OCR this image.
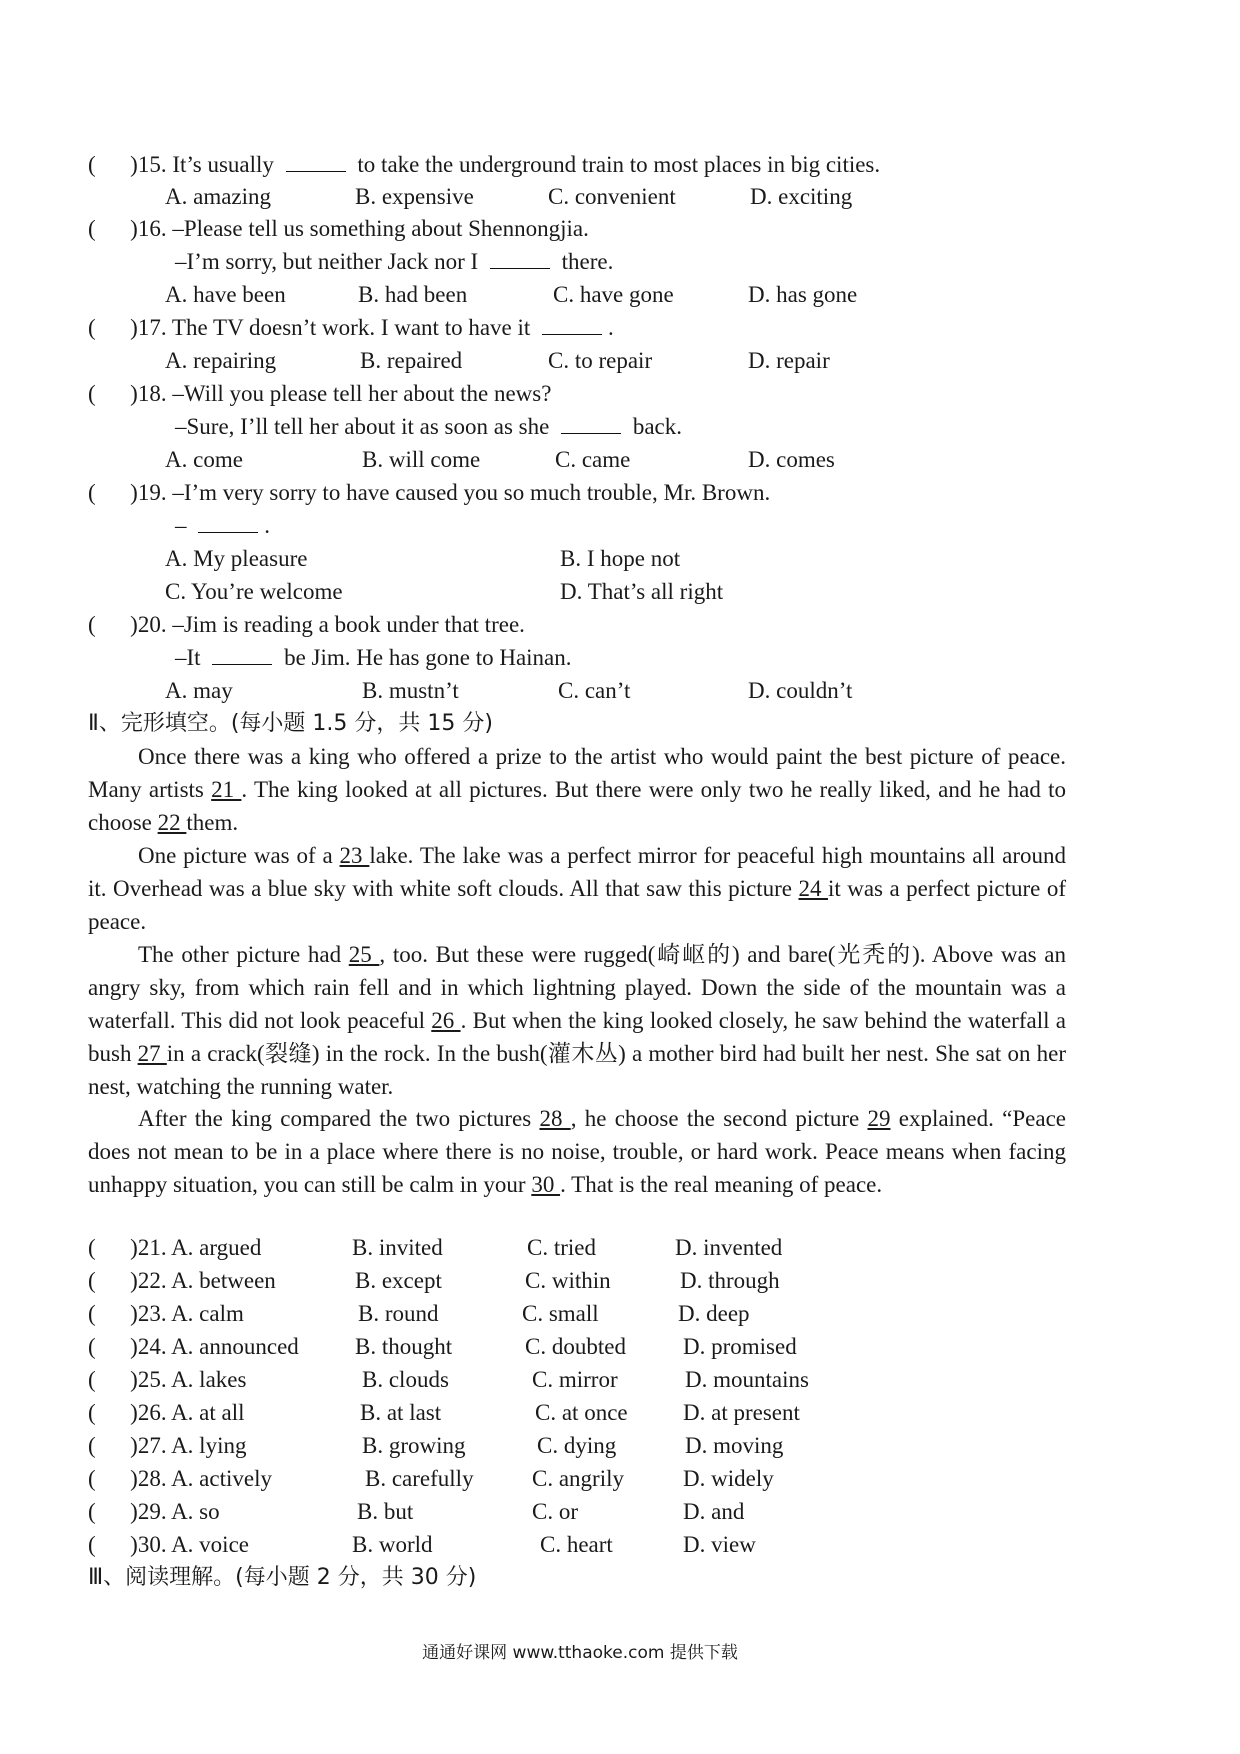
(      )15. It’s usually	to take the underground train to most places in big cities.
A. amazing	B. expensive	C. convenient	D. exciting
(      )16. –Please tell us something about Shennongjia.
–I’m sorry, but neither Jack nor I	there.
A. have been	B. had been	C. have gone	D. has gone
(      )17. The TV doesn’t work. I want to have it	.
A. repairing	B. repaired	C. to repair	D. repair
(      )18. –Will you please tell her about the news?
–Sure, I’ll tell her about it as soon as she	back.
A. come	B. will come	C. came	D. comes
(      )19. –I’m very sorry to have caused you so much trouble, Mr. Brown.
–	.
A. My pleasure	B. I hope not
C. You’re welcome	D. That’s all right
(      )20. –Jim is reading a book under that tree.
–It	be Jim. He has gone to Hainan.
A. may	B. mustn’t	C. can’t	D. couldn’t
Ⅱ、完形填空。(每小题 1.5 分，共 15 分)
Once there was a king who offered a prize to the artist who would paint the best picture of peace. Many artists 21 . The king looked at all pictures. But there were only two he really liked, and he had to choose 22 them.
One picture was of a 23 lake. The lake was a perfect mirror for peaceful high mountains all around it. Overhead was a blue sky with white soft clouds. All that saw this picture 24 it was a perfect picture of peace.
The other picture had 25 , too. But these were rugged(崎岖的) and bare(光秃的). Above was an angry sky, from which rain fell and in which lightning played. Down the side of the mountain was a waterfall. This did not look peaceful 26 . But when the king looked closely, he saw behind the waterfall a bush 27 in a crack(裂缝) in the rock. In the bush(灌木丛) a mother bird had built her nest. She sat on her nest, watching the running water.
After the king compared the two pictures 28 , he choose the second picture 29 explained. “Peace does not mean to be in a place where there is no noise, trouble, or hard work. Peace means when facing unhappy situation, you can still be calm in your 30 . That is the real meaning of peace.
(      )21. A. argued	B. invited	C. tried	D. invented
(      )22. A. between	B. except	C. within	D. through
(      )23. A. calm	B. round	C. small	D. deep
(      )24. A. announced B. thought	C. doubted D. promised
(      )25. A. lakes	B. clouds	C. mirror	D. mountains
(      )26. A. at all	B. at last	C. at once D. at present
(      )27. A. lying	B. growing	C. dying	D. moving
(      )28. A. actively	B. carefully	C. angrily	D. widely
(      )29. A. so	B. but	C. or	D. and
(      )30. A. voice	B. world	C. heart	D. view
Ⅲ、阅读理解。(每小题 2 分，共 30 分)
通通好课网 www.tthaoke.com 提供下载
